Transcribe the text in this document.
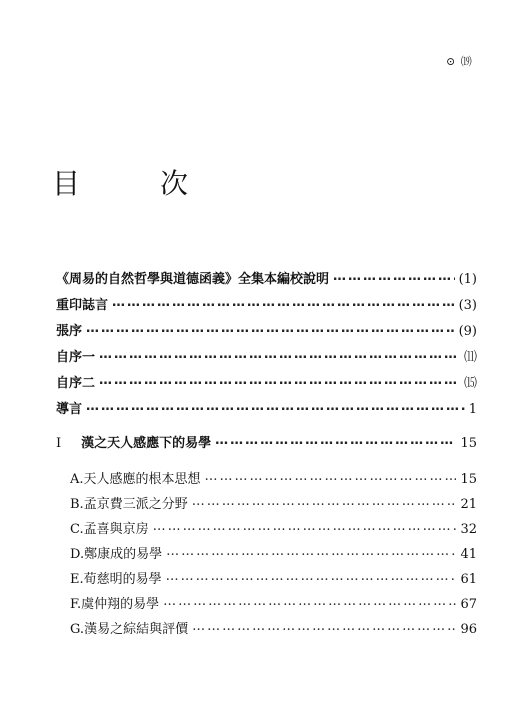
⊙ ⒆
目　次
《周易的自然哲學與道德函義》全集本編校說明 …………………………………………………………………………………………………………………………………………………………	(1)
重印誌言 …………………………………………………………………………………………………………………………………………………………	(3)
張序 …………………………………………………………………………………………………………………………………………………………	(9)
自序一 …………………………………………………………………………………………………………………………………………………………	⑾
自序二 …………………………………………………………………………………………………………………………………………………………	⒂
導言 …………………………………………………………………………………………………………………………………………………………	1
I 漢之天人感應下的易學 …………………………………………………………………………………………………………………………………………………………	15
A. 天人感應的根本思想 …………………………………………………………………………………………………………………………………………………………	15
B. 孟京費三派之分野 …………………………………………………………………………………………………………………………………………………………	21
C. 孟喜與京房 …………………………………………………………………………………………………………………………………………………………	32
D. 鄭康成的易學 …………………………………………………………………………………………………………………………………………………………	41
E. 荀慈明的易學 …………………………………………………………………………………………………………………………………………………………	61
F. 虞仲翔的易學 …………………………………………………………………………………………………………………………………………………………	67
G. 漢易之綜結與評價 …………………………………………………………………………………………………………………………………………………………	96
